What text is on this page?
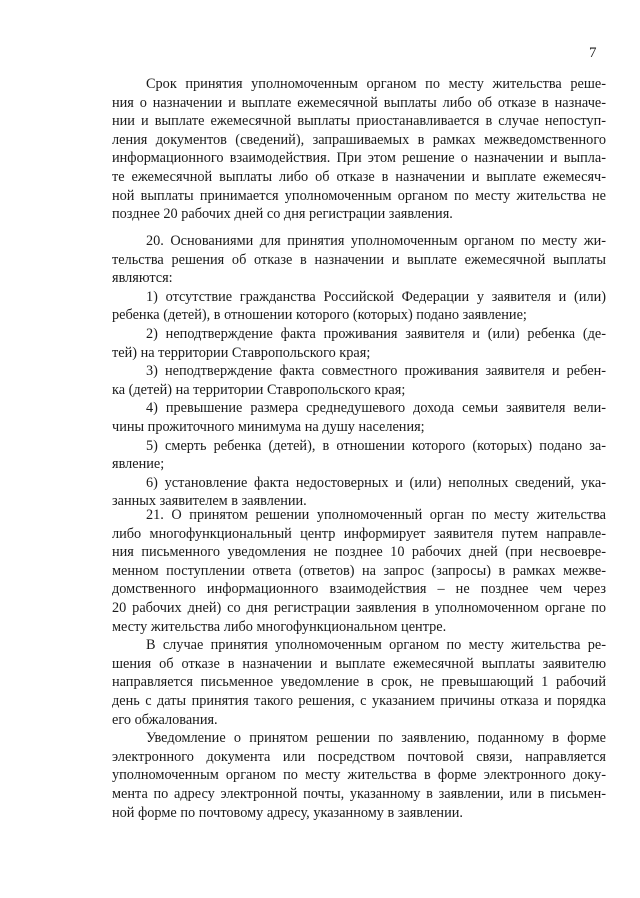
7
Срок принятия уполномоченным органом по месту жительства реше-
ния о назначении и выплате ежемесячной выплаты либо об отказе в назначе-
нии и выплате ежемесячной выплаты приостанавливается в случае непоступ-
ления документов (сведений), запрашиваемых в рамках межведомственного
информационного взаимодействия. При этом решение о назначении и выпла-
те ежемесячной выплаты либо об отказе в назначении и выплате ежемесяч-
ной выплаты принимается уполномоченным органом по месту жительства не
позднее 20 рабочих дней со дня регистрации заявления.
20. Основаниями для принятия уполномоченным органом по месту жи-
тельства решения об отказе в назначении и выплате ежемесячной выплаты
являются:
1) отсутствие гражданства Российской Федерации у заявителя и (или)
ребенка (детей), в отношении которого (которых) подано заявление;
2) неподтверждение факта проживания заявителя и (или) ребенка (де-
тей) на территории Ставропольского края;
3) неподтверждение факта совместного проживания заявителя и ребен-
ка (детей) на территории Ставропольского края;
4) превышение размера среднедушевого дохода семьи заявителя вели-
чины прожиточного минимума на душу населения;
5) смерть ребенка (детей), в отношении которого (которых) подано за-
явление;
6) установление факта недостоверных и (или) неполных сведений, ука-
занных заявителем в заявлении.
21. О принятом решении уполномоченный орган по месту жительства
либо многофункциональный центр информирует заявителя путем направле-
ния письменного уведомления не позднее 10 рабочих дней (при несвоевре-
менном поступлении ответа (ответов) на запрос (запросы) в рамках межве-
домственного информационного взаимодействия – не позднее чем через
20 рабочих дней) со дня регистрации заявления в уполномоченном органе по
месту жительства либо многофункциональном центре.
В случае принятия уполномоченным органом по месту жительства ре-
шения об отказе в назначении и выплате ежемесячной выплаты заявителю
направляется письменное уведомление в срок, не превышающий 1 рабочий
день с даты принятия такого решения, с указанием причины отказа и порядка
его обжалования.
Уведомление о принятом решении по заявлению, поданному в форме
электронного документа или посредством почтовой связи, направляется
уполномоченным органом по месту жительства в форме электронного доку-
мента по адресу электронной почты, указанному в заявлении, или в письмен-
ной форме по почтовому адресу, указанному в заявлении.
